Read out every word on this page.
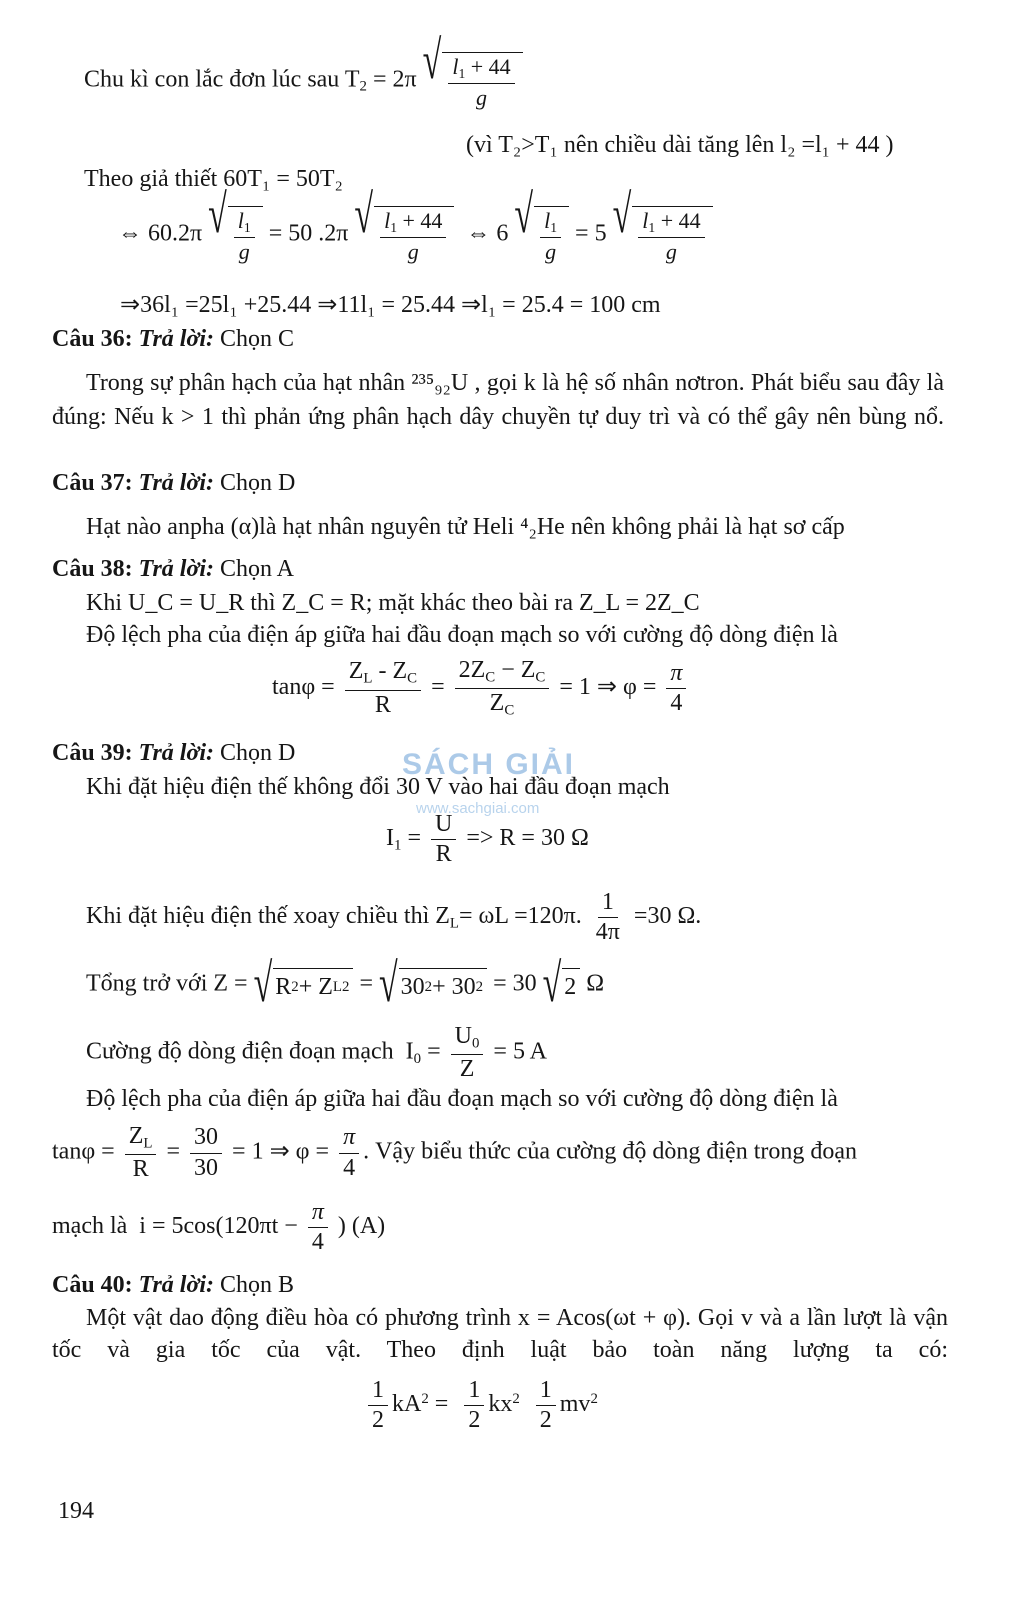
Chu kì con lắc đơn lúc sau $T_2 = 2\pi$ √ $\frac{l_1 + 44}{g}$
(vì T₂>T₁ nên chiều dài tăng lên l₂ =l₁ + 44 )
Theo giả thiết 60T₁ = 50T₂
⇔ 60.2π √ $\frac{l_1}{g} = 50$ .2π √ $\frac{l_1 + 44}{g}$ ⇔ 6 √ $\frac{l_1}{g} = 5$ √ $\frac{l_1 + 44}{g}$
⇒36l₁ =25l₁ +25.44 ⇒11l₁ = 25.44 ⇒l₁ = 25.4 = 100 cm
Câu 36: Trả lời: Chọn C
Trong sự phân hạch của hạt nhân ²³⁵₉₂U , gọi k là hệ số nhân nơtron. Phát biểu sau đây là đúng: Nếu k > 1 thì phản ứng phân hạch dây chuyền tự duy trì và có thể gây nên bùng nổ.
Câu 37: Trả lời: Chọn D
Hạt nào anpha (α)là hạt nhân nguyên tử Heli ⁴₂He nên không phải là hạt sơ cấp
Câu 38: Trả lời: Chọn A
Khi U_C = U_R thì Z_C = R; mặt khác theo bài ra Z_L = 2Z_C
Độ lệch pha của điện áp giữa hai đầu đoạn mạch so với cường độ dòng điện là
$\tan\varphi = \frac{Z_L - Z_C}{R} = \frac{2Z_C - Z_C}{Z_C} = 1$ ⇒ $\varphi = \frac{\pi}{4}$
Câu 39: Trả lời: Chọn D
Khi đặt hiệu điện thế không đổi 30 V vào hai đầu đoạn mạch
$I_1 = \frac{U}{R} => R = 30$ Ω
Khi đặt hiệu điện thế xoay chiều thì $Z_L= \omega L =120\pi$. $\frac{1}{4\pi} =30$ Ω.
Tổng trở với Z = √ R 2 + Z L 2 = √ 30 2 + 30 2 = 30 √ 2 Ω
Cường độ dòng điện đoạn mạch  $I_0 = \frac{U_0}{Z} = 5$ A
Độ lệch pha của điện áp giữa hai đầu đoạn mạch so với cường độ dòng điện là
$\tan\varphi = \frac{Z_L}{R} = \frac{30}{30} = 1$ ⇒ $\varphi = \frac{\pi}{4}$ . Vậy biểu thức của cường độ dòng điện trong đoạn
mạch là  $i = 5\cos(120\pi t - \frac{\pi}{4}$ ) (A)
Câu 40: Trả lời: Chọn B
Một vật dao động điều hòa có phương trình x = Acos(ωt + φ). Gọi v và a lần lượt là vận tốc và gia tốc của vật. Theo định luật bảo toàn năng lượng ta có:
$\frac{1}{2} kA^2 = \frac{1}{2} kx^2 \frac{1}{2} mv^2$
SÁCH GIẢI
www.sachgiai.com
194
